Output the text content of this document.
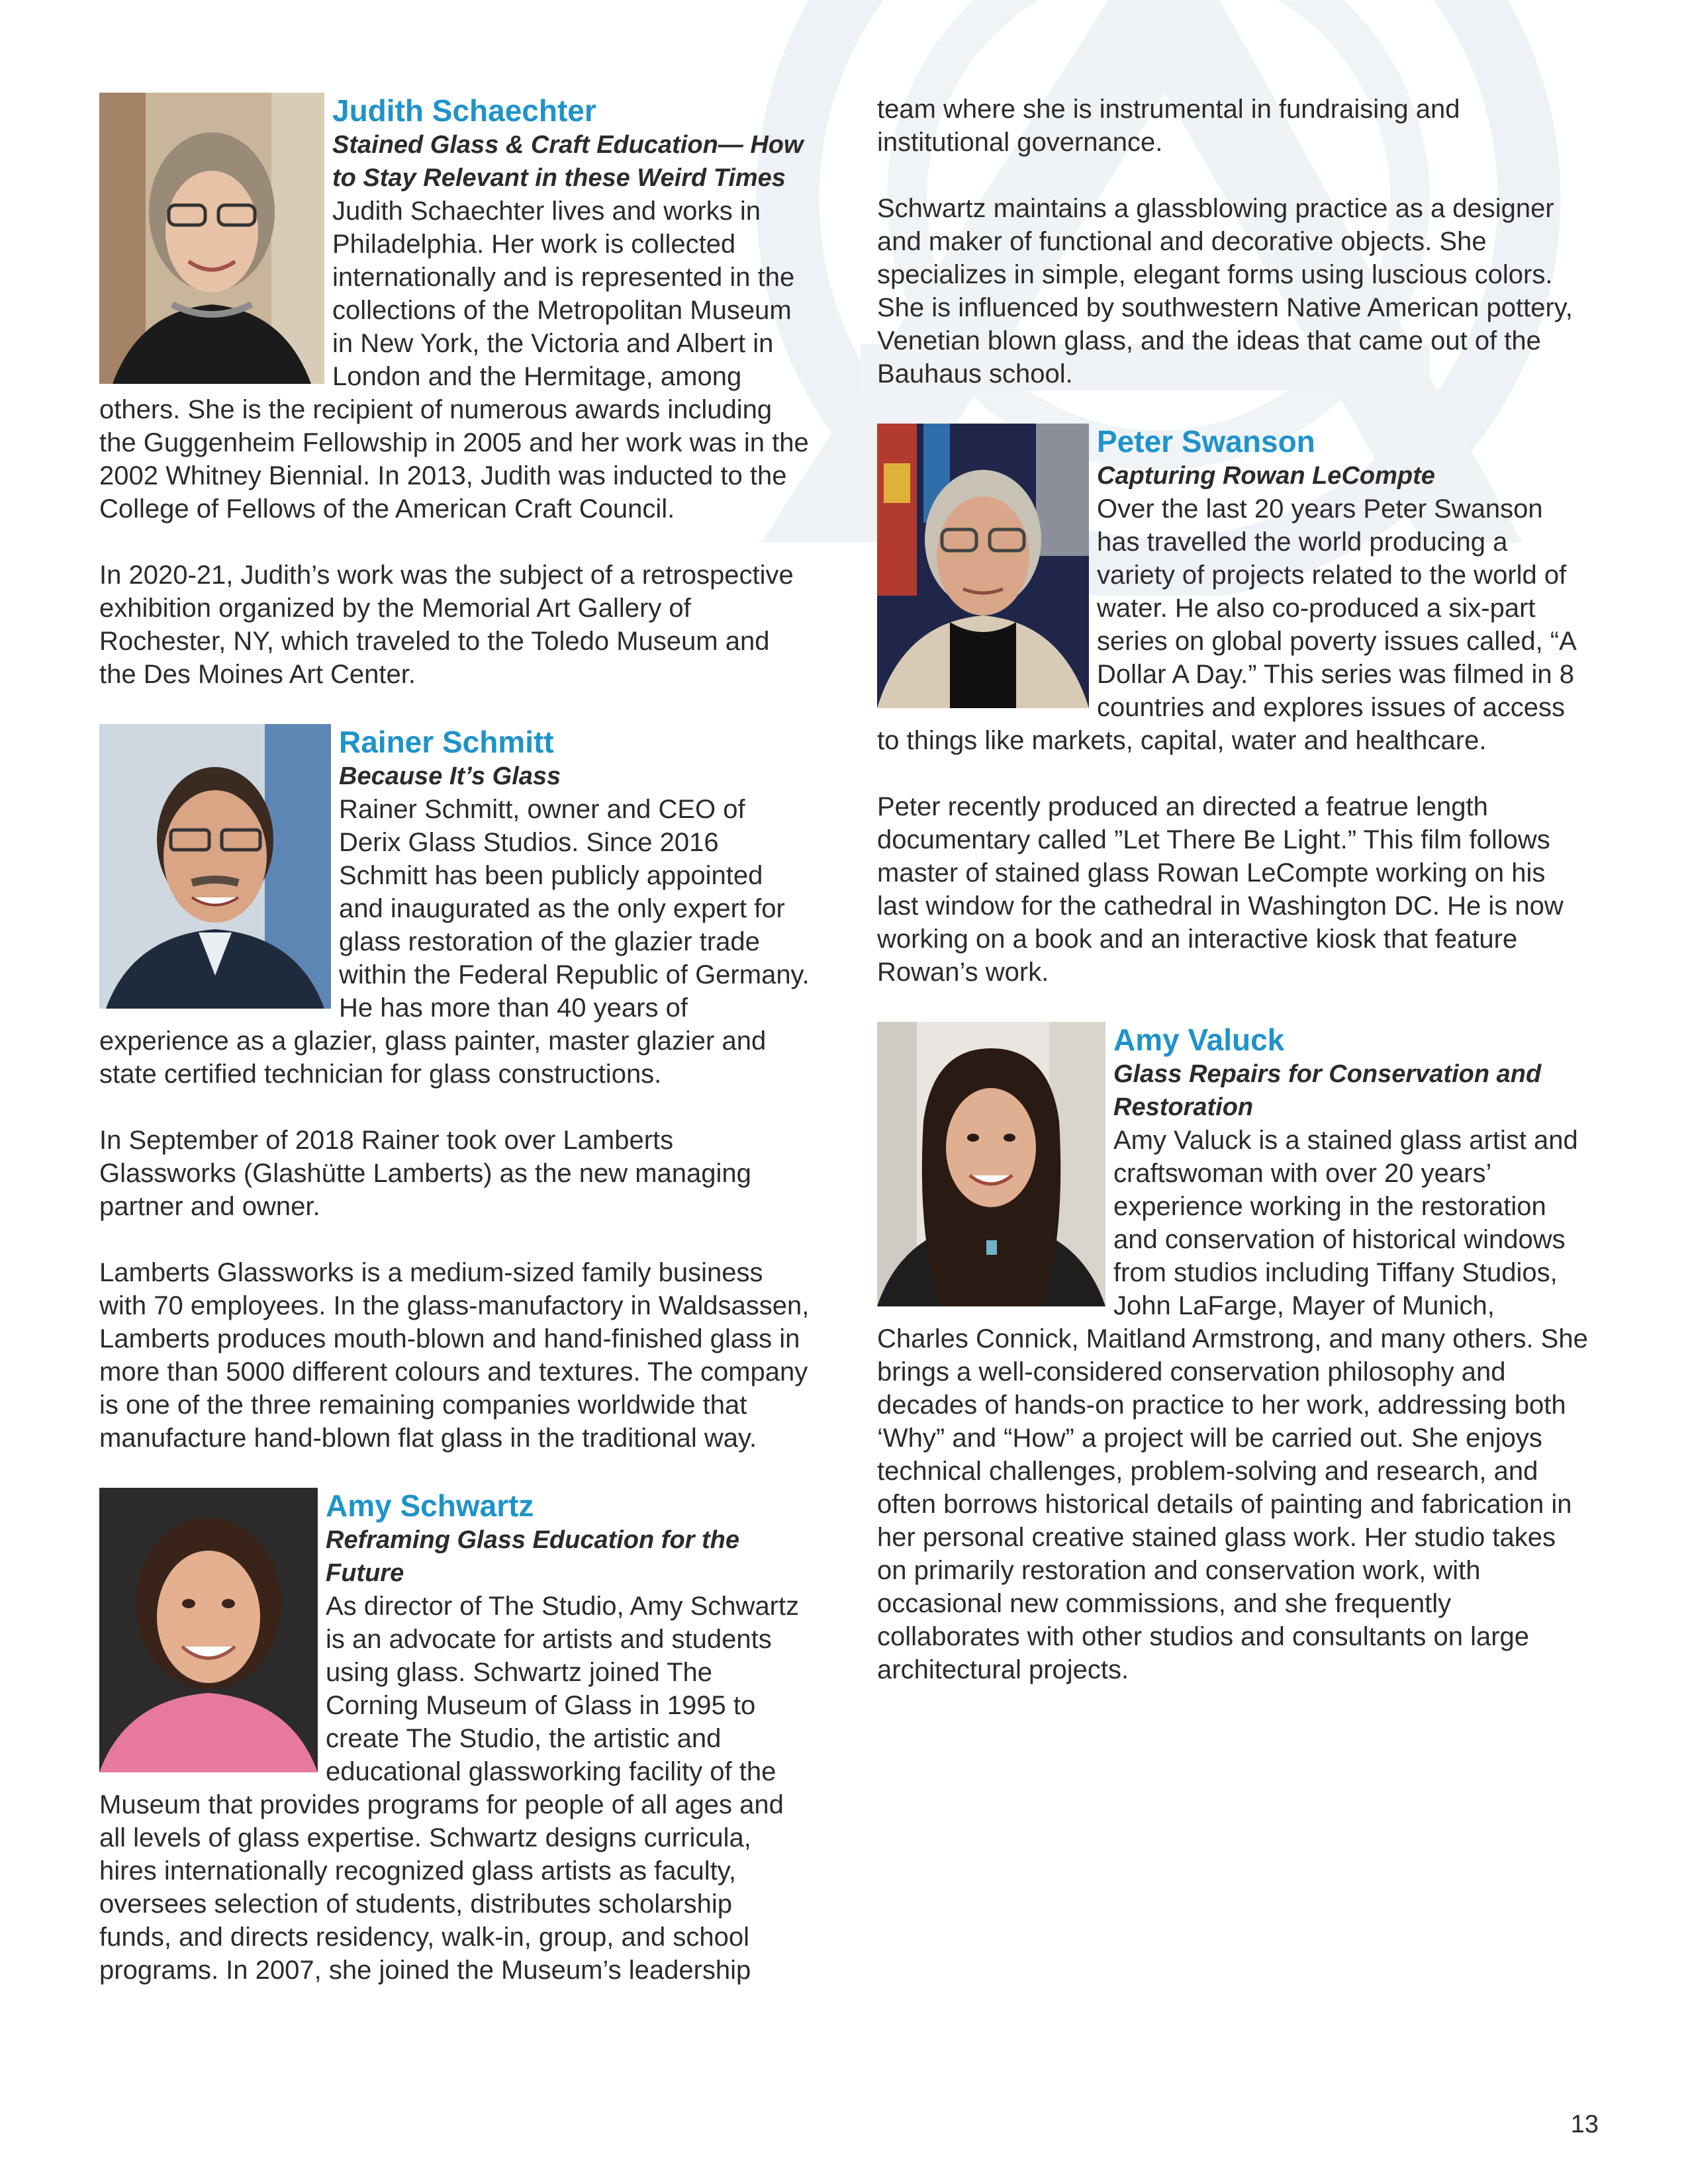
Judith Schaechter

Stained Glass & Craft Education— How to Stay Relevant in these Weird Times

Judith Schaechter lives and works in Philadelphia. Her work is collected internationally and is represented in the collections of the Metropolitan Museum in New York, the Victoria and Albert in London and the Hermitage, among others. She is the recipient of numerous awards including the Guggenheim Fellowship in 2005 and her work was in the 2002 Whitney Biennial. In 2013, Judith was inducted to the College of Fellows of the American Craft Council.

In 2020-21, Judith’s work was the subject of a retrospective exhibition organized by the Memorial Art Gallery of Rochester, NY, which traveled to the Toledo Museum and the Des Moines Art Center.

Rainer Schmitt

Because It’s Glass

Rainer Schmitt, owner and CEO of Derix Glass Studios. Since 2016 Schmitt has been publicly appointed and inaugurated as the only expert for glass restoration of the glazier trade within the Federal Republic of Germany. He has more than 40 years of experience as a glazier, glass painter, master glazier and state certified technician for glass constructions.

In September of 2018 Rainer took over Lamberts Glassworks (Glashütte Lamberts) as the new managing partner and owner.

Lamberts Glassworks is a medium-sized family business with 70 employees. In the glass-manufactory in Waldsassen, Lamberts produces mouth-blown and hand-finished glass in more than 5000 different colours and textures. The company is one of the three remaining companies worldwide that manufacture hand-blown flat glass in the traditional way.

Amy Schwartz

Reframing Glass Education for the Future

As director of The Studio, Amy Schwartz is an advocate for artists and students using glass. Schwartz joined The Corning Museum of Glass in 1995 to create The Studio, the artistic and educational glassworking facility of the Museum that provides programs for people of all ages and all levels of glass expertise. Schwartz designs curricula, hires internationally recognized glass artists as faculty, oversees selection of students, distributes scholarship funds, and directs residency, walk-in, group, and school programs. In 2007, she joined the Museum’s leadership

team where she is instrumental in fundraising and institutional governance.

Schwartz maintains a glassblowing practice as a designer and maker of functional and decorative objects. She specializes in simple, elegant forms using luscious colors. She is influenced by southwestern Native American pottery, Venetian blown glass, and the ideas that came out of the Bauhaus school.

Peter Swanson

Capturing Rowan LeCompte

Over the last 20 years Peter Swanson has travelled the world producing a variety of projects related to the world of water. He also co-produced a six-part series on global poverty issues called, “A Dollar A Day.” This series was filmed in 8 countries and explores issues of access to things like markets, capital, water and healthcare.

Peter recently produced an directed a featrue length documentary called ”Let There Be Light.” This film follows master of stained glass Rowan LeCompte working on his last window for the cathedral in Washington DC. He is now working on a book and an interactive kiosk that feature Rowan’s work.

Amy Valuck

Glass Repairs for Conservation and Restoration

Amy Valuck is a stained glass artist and craftswoman with over 20 years’ experience working in the restoration and conservation of historical windows from studios including Tiffany Studios, John LaFarge, Mayer of Munich, Charles Connick, Maitland Armstrong, and many others. She brings a well-considered conservation philosophy and decades of hands-on practice to her work, addressing both ‘Why” and “How” a project will be carried out. She enjoys technical challenges, problem-solving and research, and often borrows historical details of painting and fabrication in her personal creative stained glass work. Her studio takes on primarily restoration and conservation work, with occasional new commissions, and she frequently collaborates with other studios and consultants on large architectural projects.

13
